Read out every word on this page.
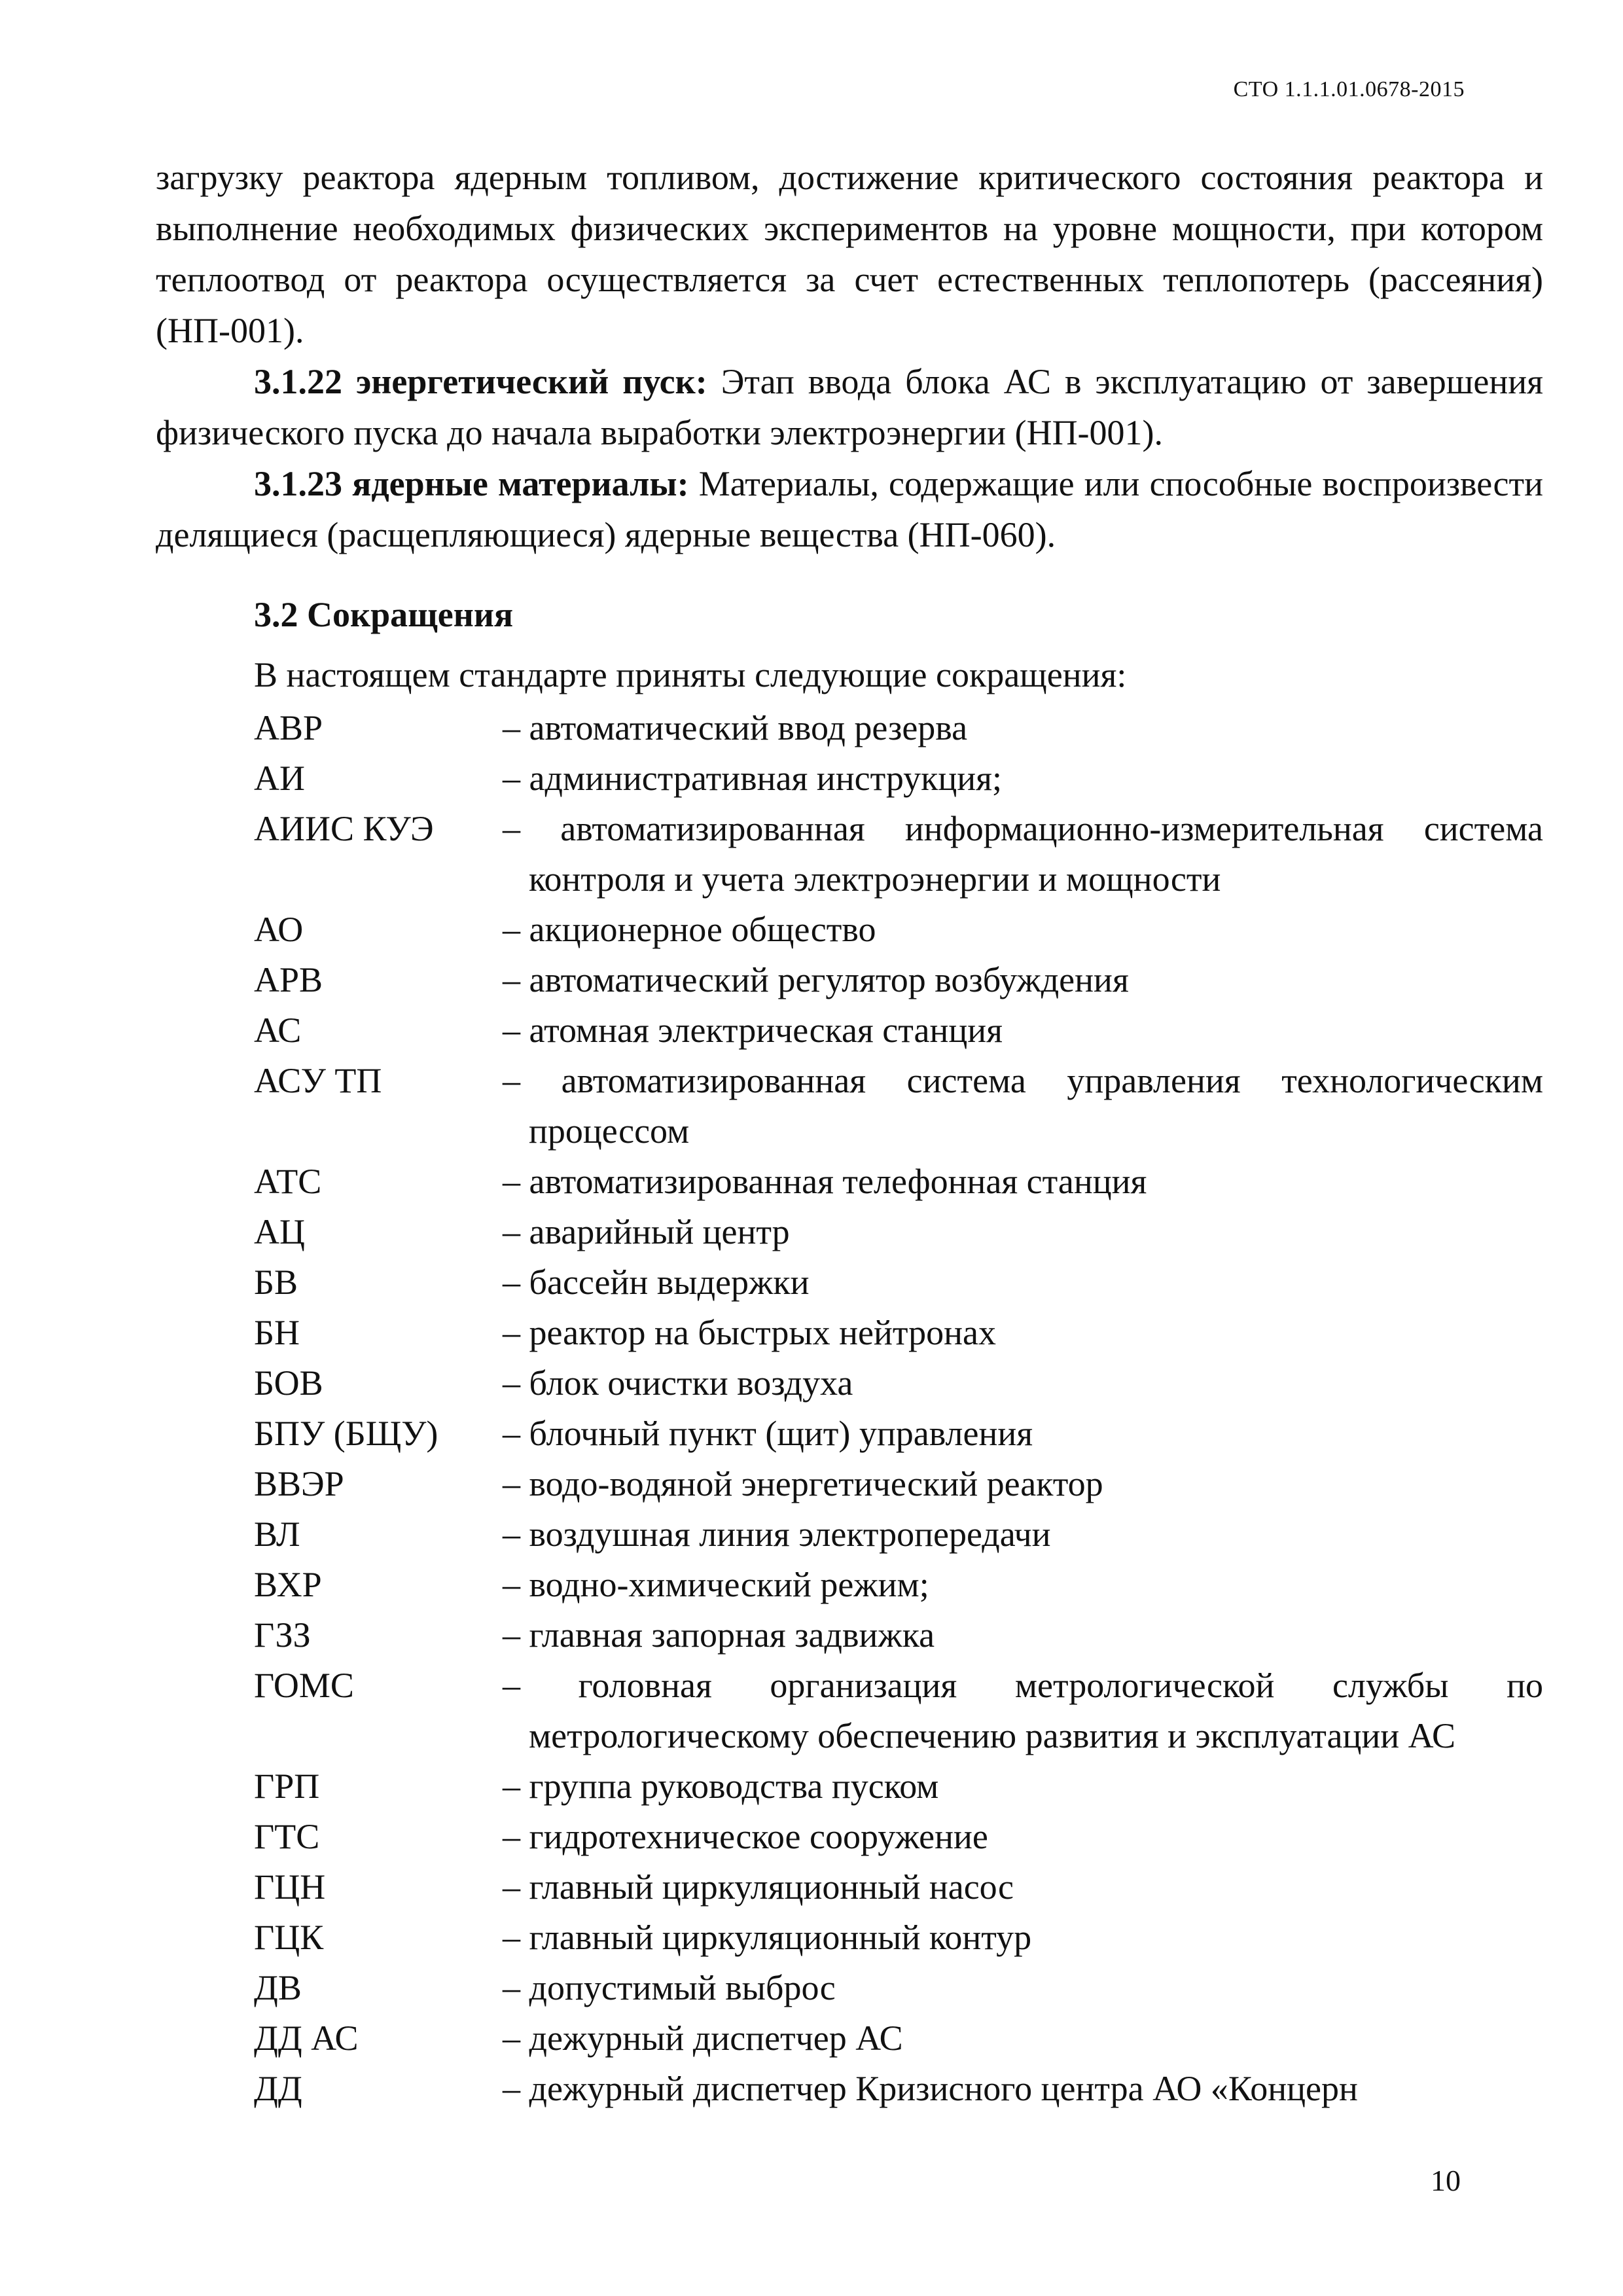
СТО 1.1.1.01.0678-2015

загрузку реактора ядерным топливом, достижение критического состояния реактора и выполнение необходимых физических экспериментов на уровне мощности, при котором теплоотвод от реактора осуществляется за счет естественных теплопотерь (рассеяния) (НП-001).

3.1.22 энергетический пуск: Этап ввода блока АС в эксплуатацию от завершения физического пуска до начала выработки электроэнергии (НП-001).

3.1.23 ядерные материалы: Материалы, содержащие или способные воспроизвести делящиеся (расщепляющиеся) ядерные вещества (НП-060).

3.2 Сокращения
В настоящем стандарте приняты следующие сокращения:
АВР	– автоматический ввод резерва
АИ	– административная инструкция;
АИИС КУЭ	– автоматизированная информационно-измерительная система контроля и учета электроэнергии и мощности
АО	– акционерное общество
АРВ	– автоматический регулятор возбуждения
АС	– атомная электрическая станция
АСУ ТП	– автоматизированная система управления технологическим процессом
АТС	– автоматизированная телефонная станция
АЦ	– аварийный центр
БВ	– бассейн выдержки
БН	– реактор на быстрых нейтронах
БОВ	– блок очистки воздуха
БПУ (БЩУ)	– блочный пункт (щит) управления
ВВЭР	– водо-водяной энергетический реактор
ВЛ	– воздушная линия электропередачи
ВХР	– водно-химический режим;
ГЗЗ	– главная запорная задвижка
ГОМС	– головная организация метрологической службы по метрологическому обеспечению развития и эксплуатации АС
ГРП	– группа руководства пуском
ГТС	– гидротехническое сооружение
ГЦН	– главный циркуляционный насос
ГЦК	– главный циркуляционный контур
ДВ	– допустимый выброс
ДД АС	– дежурный диспетчер АС
ДД	– дежурный диспетчер Кризисного центра АО «Концерн
10
